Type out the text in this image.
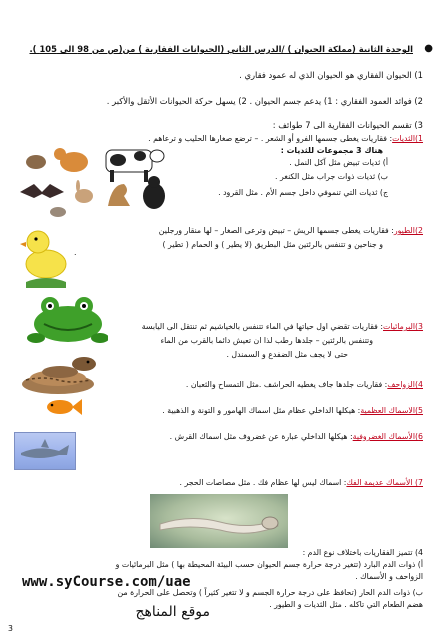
الوحدة الثانية (مملكة الحيوان ) /الدرس الثاني (الحيوانات الفقارية ) من(ص من 98 الى 105 ). ●
1) الحيوان الفقاري هو الحيوان الذي له عمود فقاري .
2) فوائد العمود الفقاري : 1) يدعم جسم الحيوان . 2) يسهل حركة الحيوانات الأثقل والأكبر .
3) تقسم الحيوانات الفقارية الى 7 طوائف :
1)الثديات: فقاريات يغطى جسمها الفرو أو الشعر . – ترضع صغارها الحليب و ترعاهم .
هناك 3 مجموعات للثديات :
أ) ثديات تبيض مثل آكل النمل .
ب) ثديات ذوات جراب مثل الكنغر .
ج) ثديات التي تنموفي داخل جسم الأم . مثل القرود .
2)الطيور: فقاريات يغطى جسمها الريش – تبيض وترعى الصغار – لها منقار ورجلين
و جناحين و تتنفس بالرئتين مثل البطريق (لا يطير ) و الحمام ( تطير )
.
3)البرمائيات: فقاريات تقضي اول حياتها في الماء تتنفس بالخياشيم ثم تنتقل الى اليابسة
وتتنفس بالرئتين – جلدها رطب لذا ان تعيش دائما بالقرب من الماء
حتى لا يجف مثل الضفدع و السمندل .
4)الزواحف: فقاريات جلدها جاف يغطيه الحراشف .مثل التمساح والثعبان .
5)الاسماك العظمية: هيكلها الداخلي عظام مثل اسماك الهامور و التونة و الذهبية .
6)الأسماك الغضروفية: هيكلها الداخلي عبارة عن غضروف مثل اسماك القرش .
7) الأسماك عديمة الفك: اسماك ليس لها عظام فك . مثل مصاصات الحجر .
4) تتميز الفقاريات باختلاف نوع الدم :
أ) ذوات الدم البارد (تتغير درجة حرارة جسم الحيوان حسب البيئة المحيطة بها ) مثل البرمائيات و
الزواحف و الأسماك .
ب) ذوات الدم الحار (تحافظ على درجة حرارة الجسم و لا تتغير كثيراً ) وتحصل على الحرارة من
هضم الطعام التي تاكله . مثل الثديات و الطيور .
www.syCourse.com/uae
موقع المناهج
3
